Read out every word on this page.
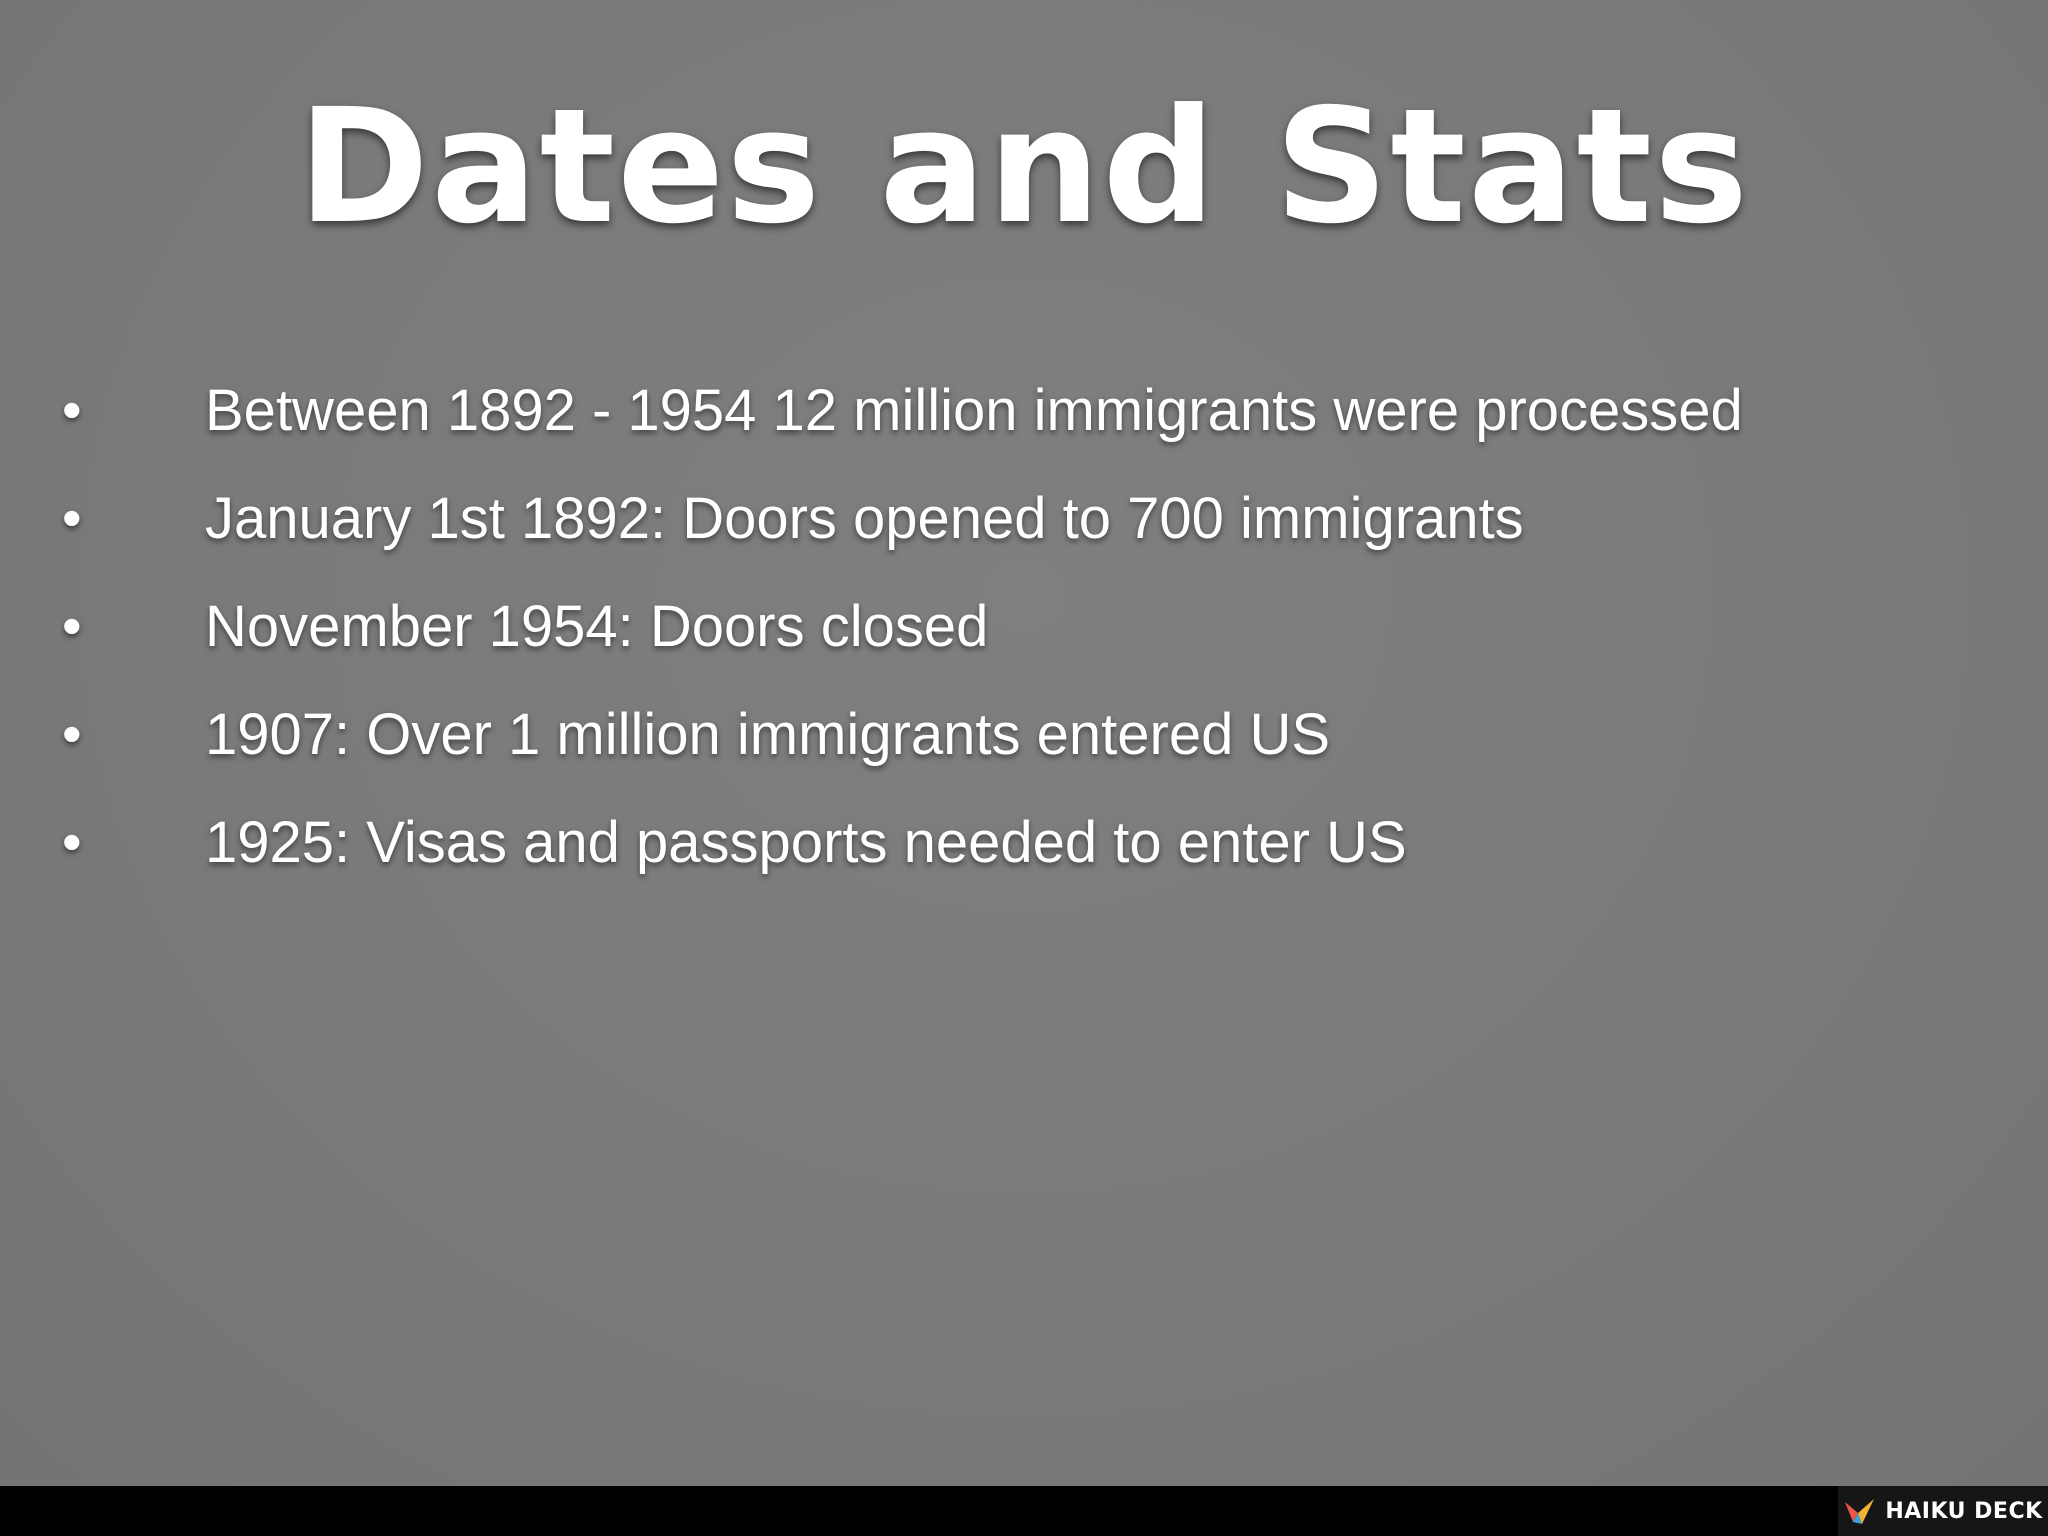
Dates and Stats
•	Between 1892 - 1954 12 million immigrants were processed
•	January 1st 1892: Doors opened to 700 immigrants
•	November 1954: Doors closed
•	1907: Over 1 million immigrants entered US
•	1925: Visas and passports needed to enter US
HAIKU DECK
